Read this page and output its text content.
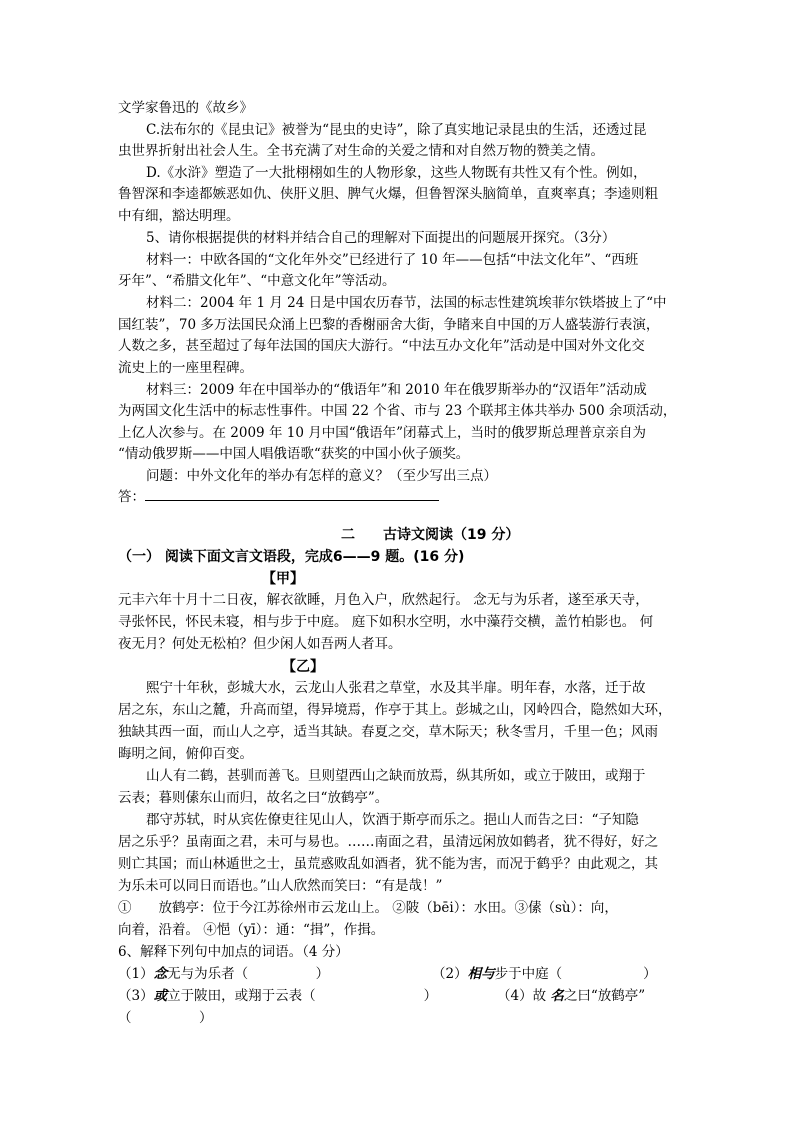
文学家鲁迅的《故乡》
C.法布尔的《昆虫记》被誉为“昆虫的史诗”，除了真实地记录昆虫的生活，还透过昆
虫世界折射出社会人生。全书充满了对生命的关爱之情和对自然万物的赞美之情。
D.《水浒》塑造了一大批栩栩如生的人物形象，这些人物既有共性又有个性。例如，
鲁智深和李逵都嫉恶如仇、侠肝义胆、脾气火爆，但鲁智深头脑简单，直爽率真；李逵则粗
中有细，豁达明理。
5、请你根据提供的材料并结合自己的理解对下面提出的问题展开探究。（3分）
材料一：中欧各国的“文化年外交”已经进行了 10 年——包括“中法文化年”、“西班
牙年”、“希腊文化年”、“中意文化年”等活动。
材料二：2004 年 1 月 24 日是中国农历春节，法国的标志性建筑埃菲尔铁塔披上了“中
国红装”，70 多万法国民众涌上巴黎的香榭丽舍大街，争睹来自中国的万人盛装游行表演，
人数之多，甚至超过了每年法国的国庆大游行。“中法互办文化年”活动是中国对外文化交
流史上的一座里程碑。
材料三：2009 年在中国举办的“俄语年”和 2010 年在俄罗斯举办的“汉语年”活动成
为两国文化生活中的标志性事件。中国 22 个省、市与 23 个联邦主体共举办 500 余项活动，
上亿人次参与。在 2009 年 10 月中国“俄语年”闭幕式上，当时的俄罗斯总理普京亲自为
“情动俄罗斯——中国人唱俄语歌“获奖的中国小伙子颁奖。
问题：中外文化年的举办有怎样的意义？（至少写出三点）
答：
二　　古诗文阅读（19 分）
（一） 阅读下面文言文语段，完成6——9 题。(16 分)
【甲】
元丰六年十月十二日夜，解衣欲睡，月色入户，欣然起行。 念无与为乐者，遂至承天寺，
寻张怀民，怀民未寝，相与步于中庭。 庭下如积水空明，水中藻荇交横，盖竹柏影也。 何
夜无月？何处无松柏？但少闲人如吾两人者耳。
【乙】
熙宁十年秋，彭城大水，云龙山人张君之草堂，水及其半扉。明年春，水落，迁于故
居之东，东山之麓，升高而望，得异境焉，作亭于其上。彭城之山，冈岭四合，隐然如大环，
独缺其西一面，而山人之亭，适当其缺。春夏之交，草木际天；秋冬雪月，千里一色；风雨
晦明之间，俯仰百变。
山人有二鹤，甚驯而善飞。旦则望西山之缺而放焉，纵其所如，或立于陂田，或翔于
云表；暮则傃东山而归，故名之曰“放鹤亭”。
郡守苏轼，时从宾佐僚吏往见山人，饮酒于斯亭而乐之。挹山人而告之曰：“子知隐
居之乐乎？虽南面之君，未可与易也。……南面之君，虽清远闲放如鹤者，犹不得好，好之
则亡其国；而山林遁世之士，虽荒惑败乱如酒者，犹不能为害，而况于鹤乎？由此观之，其
为乐未可以同日而语也。”山人欣然而笑曰：“有是哉！”
①　　放鹤亭：位于今江苏徐州市云龙山上。 ②陂（bēi）：水田。③傃（sù）：向，
向着，沿着。 ④悒（yī）：通：“揖”，作揖。
6、解释下列句中加点的词语。（4 分）
（1）念无与为乐者（　　　　　）	（2）相与步于中庭（　　　　　　）
（3）或立于陂田，或翔于云表（　　　　　　　　）	（4）故 名之曰“放鹤亭”
（　　　　　）
